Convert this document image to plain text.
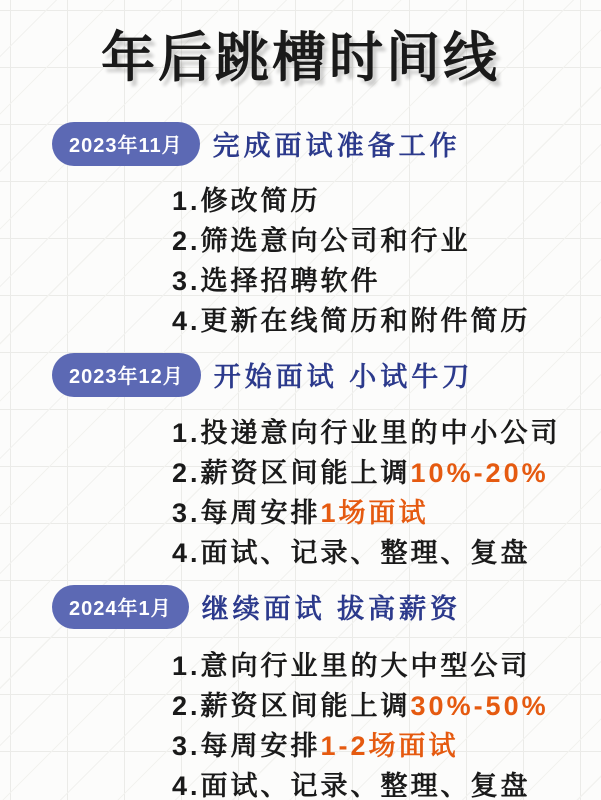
年后跳槽时间线
2023年11月	完成面试准备工作
1.修改简历
2.筛选意向公司和行业
3.选择招聘软件
4.更新在线简历和附件简历
2023年12月	开始面试 小试牛刀
1.投递意向行业里的中小公司
2.薪资区间能上调10%-20%
3.每周安排1场面试
4.面试、记录、整理、复盘
2024年1月	继续面试 拔高薪资
1.意向行业里的大中型公司
2.薪资区间能上调30%-50%
3.每周安排1-2场面试
4.面试、记录、整理、复盘
